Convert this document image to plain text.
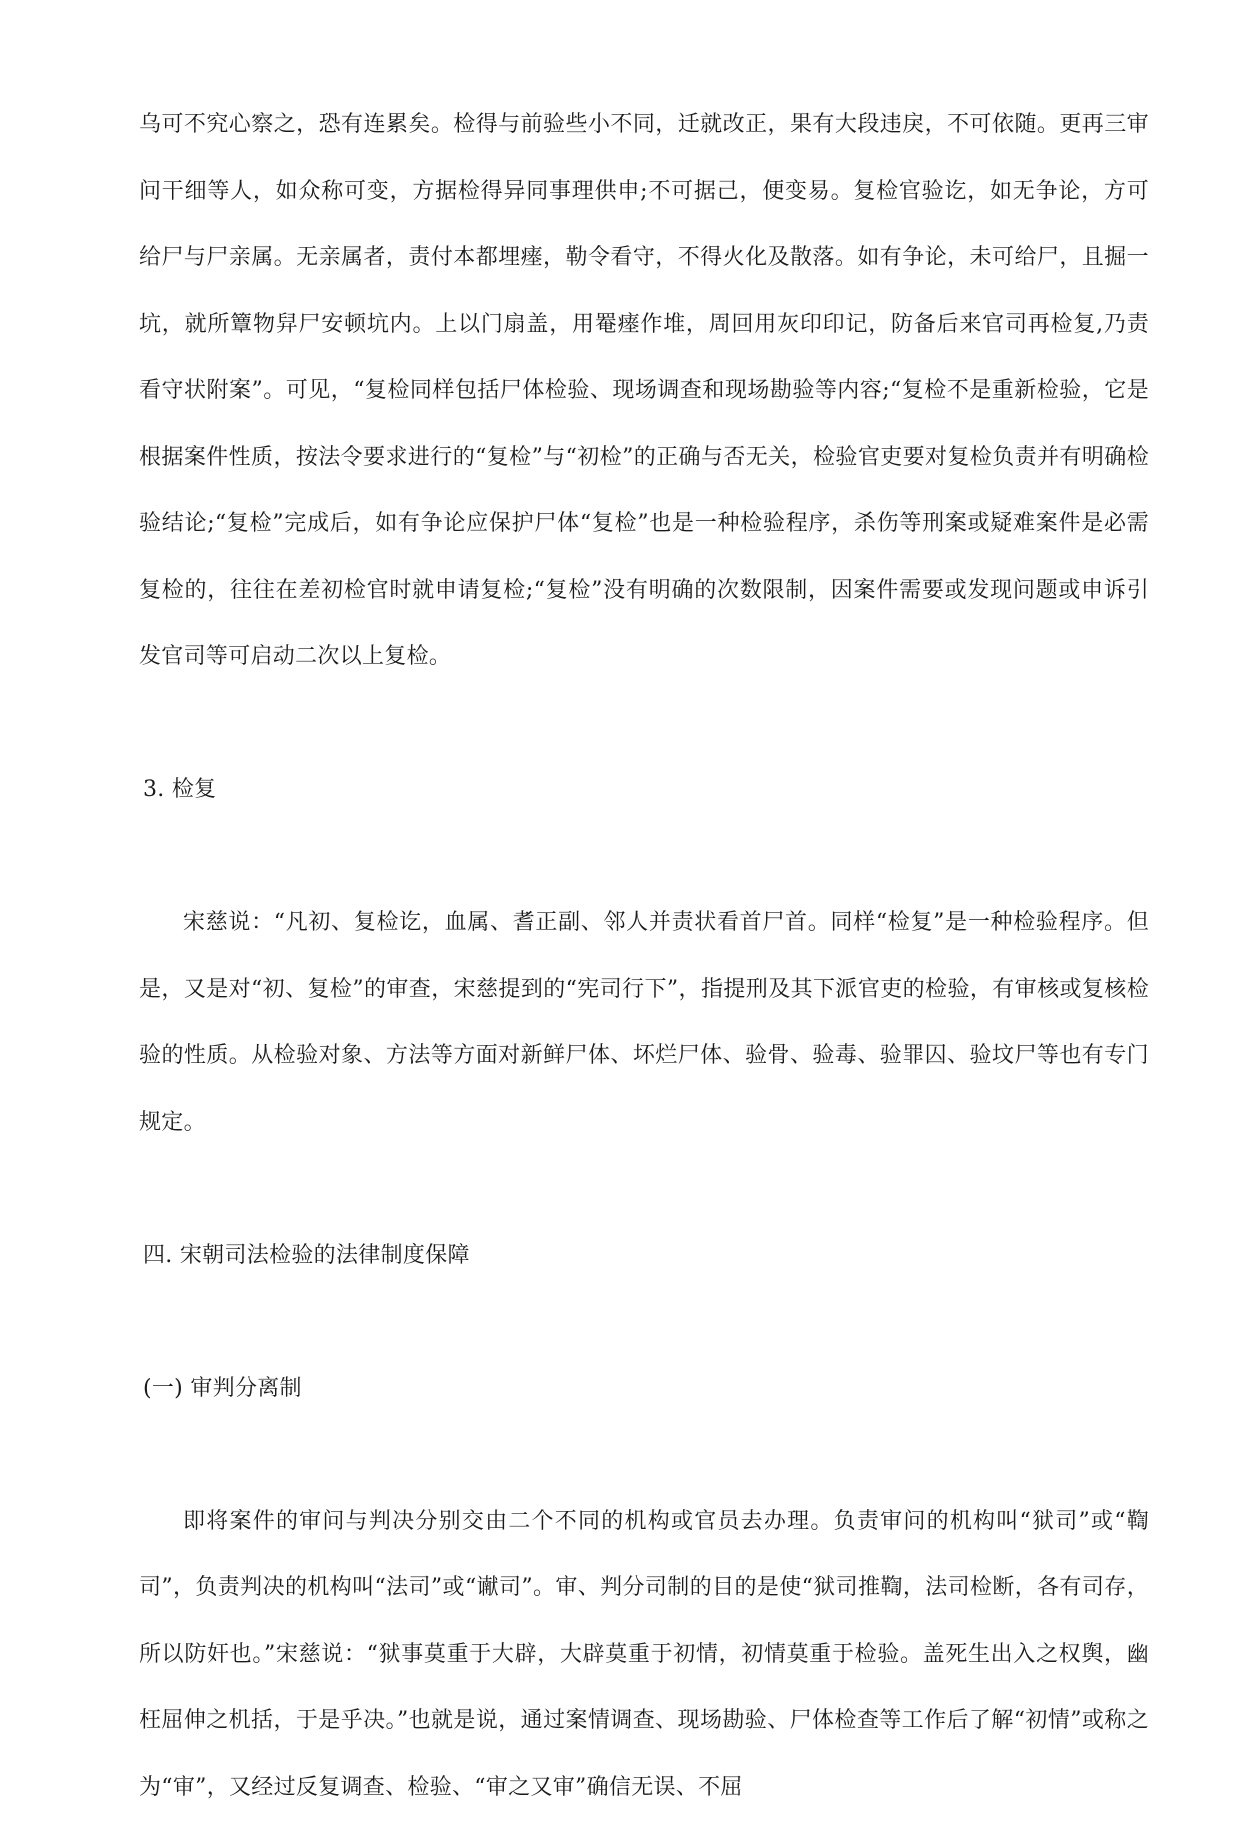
乌可不究心察之，恐有连累矣。检得与前验些小不同，迁就改正，果有大段违戾，不可依随。更再三审问干细等人，如众称可变，方据检得异同事理供申;不可据己，便变易。复检官验讫，如无争论，方可给尸与尸亲属。无亲属者，责付本都埋瘗，勒令看守，不得火化及散落。如有争论，未可给尸，且掘一坑，就所簟物舁尸安顿坑内。上以门扇盖，用罨瘗作堆，周回用灰印印记，防备后来官司再检复,乃责看守状附案”。可见，“复检同样包括尸体检验、现场调查和现场勘验等内容;“复检不是重新检验，它是根据案件性质，按法令要求进行的“复检”与“初检”的正确与否无关，检验官吏要对复检负责并有明确检验结论;“复检”完成后，如有争论应保护尸体“复检”也是一种检验程序，杀伤等刑案或疑难案件是必需复检的，往往在差初检官时就申请复检;“复检”没有明确的次数限制，因案件需要或发现问题或申诉引发官司等可启动二次以上复检。

3. 检复

宋慈说：“凡初、复检讫，血属、耆正副、邻人并责状看首尸首。同样“检复”是一种检验程序。但是，又是对“初、复检”的审查，宋慈提到的“宪司行下”，指提刑及其下派官吏的检验，有审核或复核检验的性质。从检验对象、方法等方面对新鲜尸体、坏烂尸体、验骨、验毒、验罪囚、验坟尸等也有专门规定。

四. 宋朝司法检验的法律制度保障

(一) 审判分离制

即将案件的审问与判决分别交由二个不同的机构或官员去办理。负责审问的机构叫“狱司”或“鞫司”，负责判决的机构叫“法司”或“谳司”。审、判分司制的目的是使“狱司推鞫，法司检断，各有司存，所以防奸也。”宋慈说：“狱事莫重于大辟，大辟莫重于初情，初情莫重于检验。盖死生出入之权舆，幽枉屈伸之机括，于是乎决。”也就是说，通过案情调查、现场勘验、尸体检查等工作后了解“初情”或称之为“审”，又经过反复调查、检验、“审之又审”确信无误、不屈
